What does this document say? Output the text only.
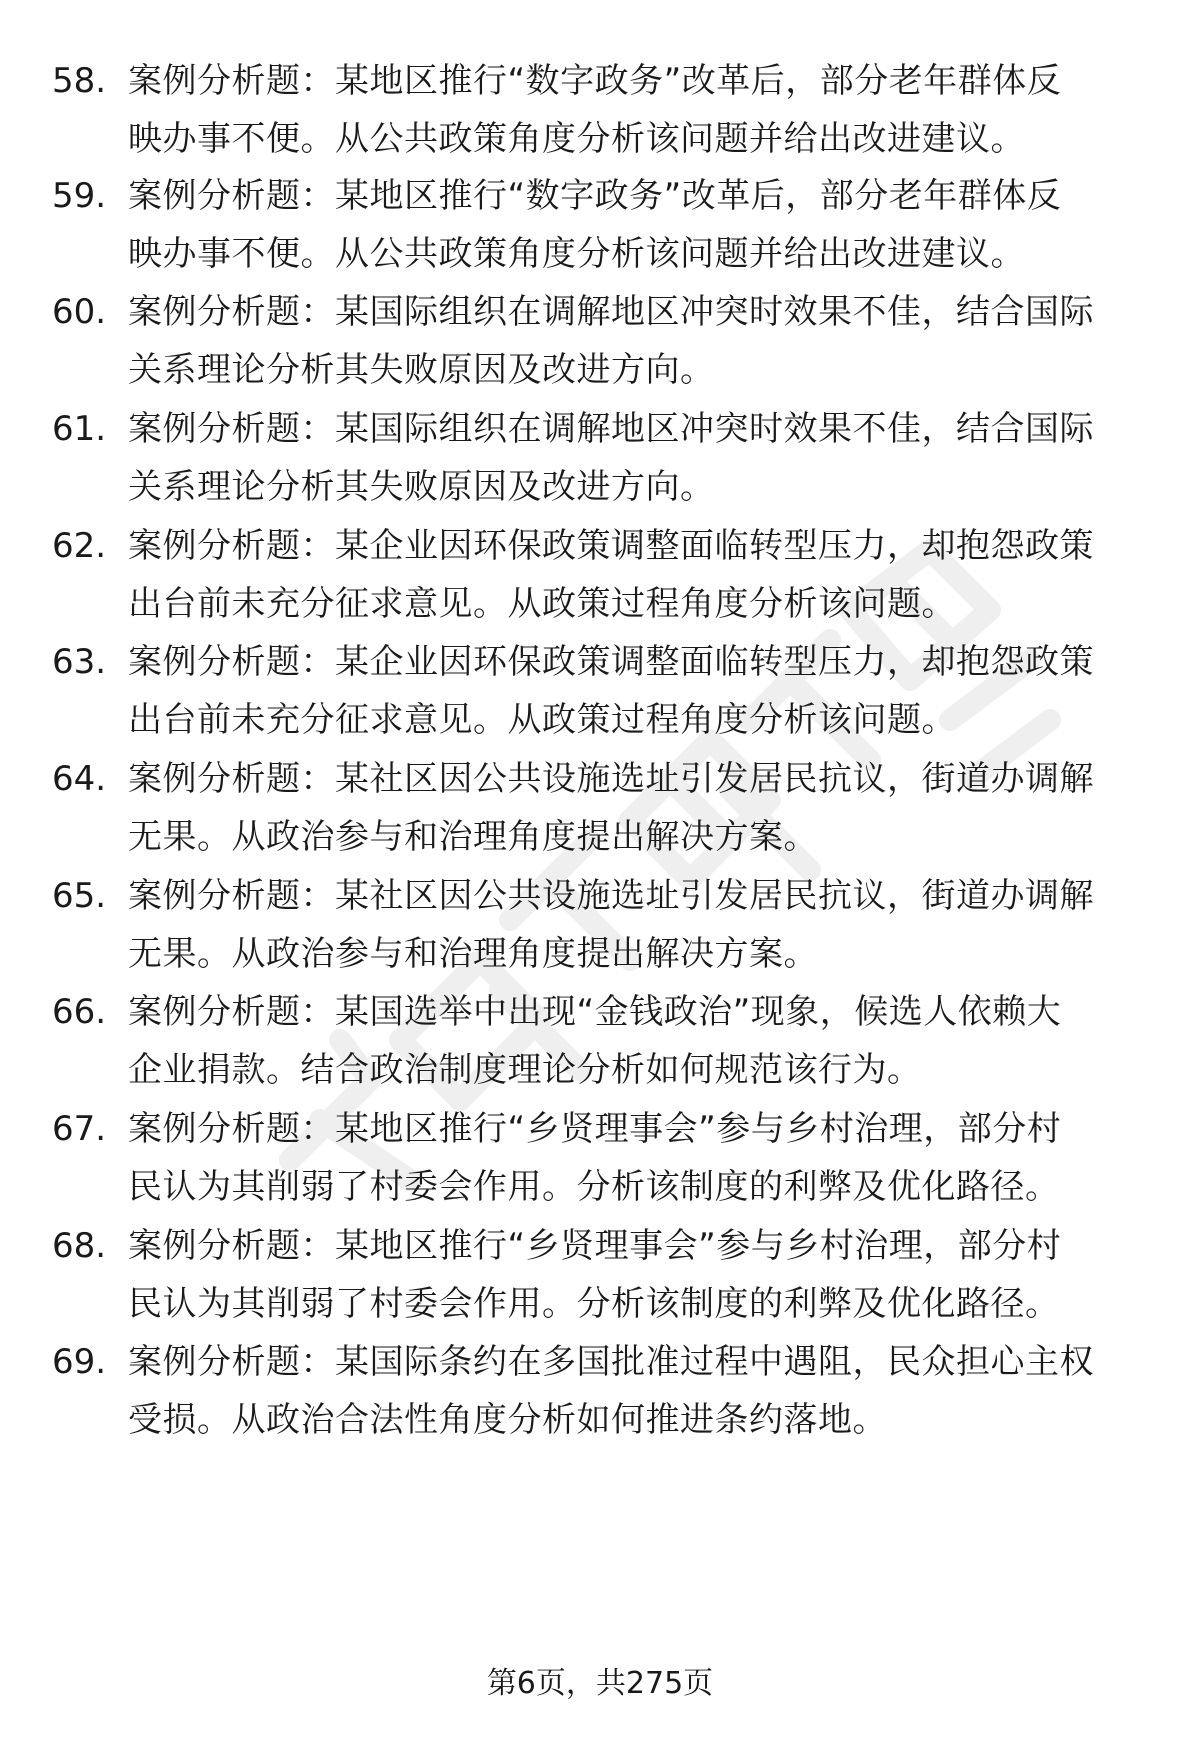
58. 案例分析题：某地区推行“数字政务”改革后，部分老年群体反
映办事不便。从公共政策角度分析该问题并给出改进建议。
59. 案例分析题：某地区推行“数字政务”改革后，部分老年群体反
映办事不便。从公共政策角度分析该问题并给出改进建议。
60. 案例分析题：某国际组织在调解地区冲突时效果不佳，结合国际
关系理论分析其失败原因及改进方向。
61. 案例分析题：某国际组织在调解地区冲突时效果不佳，结合国际
关系理论分析其失败原因及改进方向。
62. 案例分析题：某企业因环保政策调整面临转型压力，却抱怨政策
出台前未充分征求意见。从政策过程角度分析该问题。
63. 案例分析题：某企业因环保政策调整面临转型压力，却抱怨政策
出台前未充分征求意见。从政策过程角度分析该问题。
64. 案例分析题：某社区因公共设施选址引发居民抗议，街道办调解
无果。从政治参与和治理角度提出解决方案。
65. 案例分析题：某社区因公共设施选址引发居民抗议，街道办调解
无果。从政治参与和治理角度提出解决方案。
66. 案例分析题：某国选举中出现“金钱政治”现象，候选人依赖大
企业捐款。结合政治制度理论分析如何规范该行为。
67. 案例分析题：某地区推行“乡贤理事会”参与乡村治理，部分村
民认为其削弱了村委会作用。分析该制度的利弊及优化路径。
68. 案例分析题：某地区推行“乡贤理事会”参与乡村治理，部分村
民认为其削弱了村委会作用。分析该制度的利弊及优化路径。
69. 案例分析题：某国际条约在多国批准过程中遇阻，民众担心主权
受损。从政治合法性角度分析如何推进条约落地。
第6页，共275页
